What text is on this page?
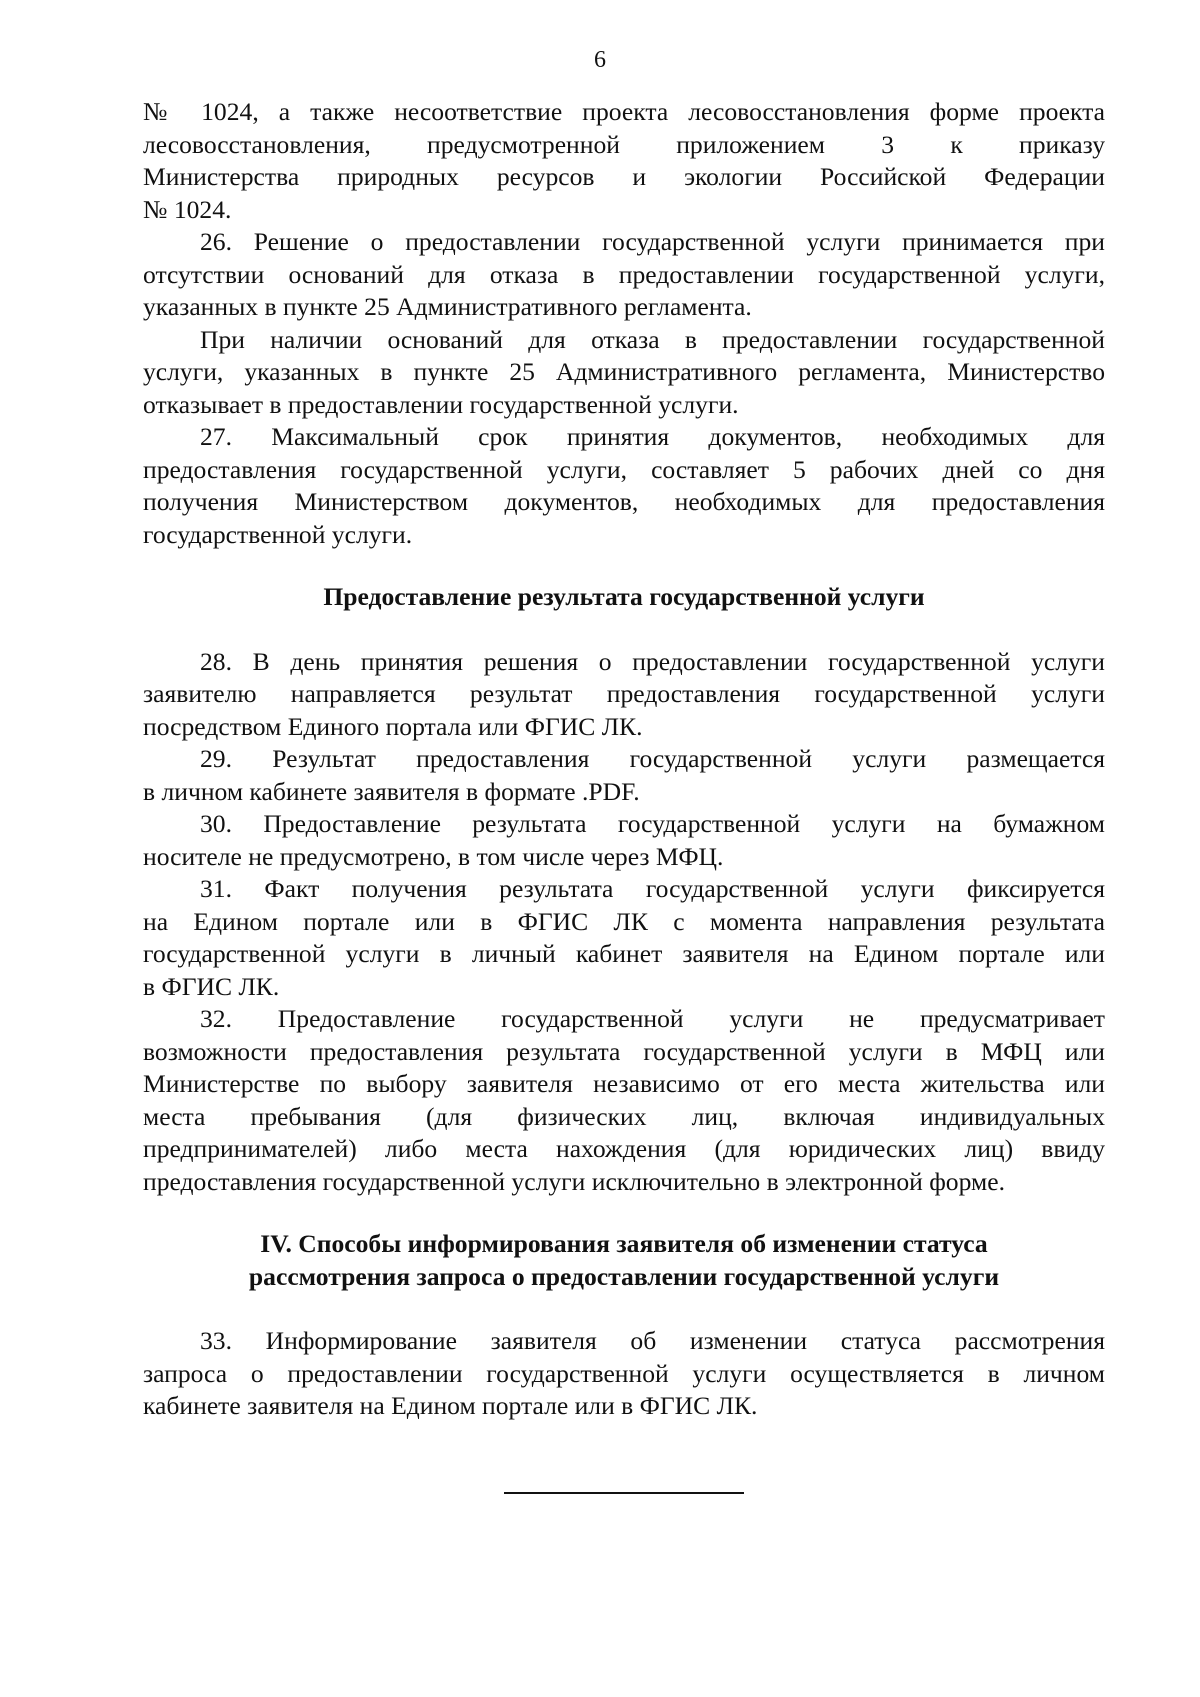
6

№ 1024, а также несоответствие проекта лесовосстановления форме проекта

лесовосстановления, предусмотренной приложением 3 к приказу

Министерства природных ресурсов и экологии Российской Федерации

№ 1024.

26. Решение о предоставлении государственной услуги принимается при

отсутствии оснований для отказа в предоставлении государственной услуги,

указанных в пункте 25 Административного регламента.

При наличии оснований для отказа в предоставлении государственной

услуги, указанных в пункте 25 Административного регламента, Министерство

отказывает в предоставлении государственной услуги.

27. Максимальный срок принятия документов, необходимых для

предоставления государственной услуги, составляет 5 рабочих дней со дня

получения Министерством документов, необходимых для предоставления

государственной услуги.

Предоставление результата государственной услуги

28. В день принятия решения о предоставлении государственной услуги

заявителю направляется результат предоставления государственной услуги

посредством Единого портала или ФГИС ЛК.

29. Результат предоставления государственной услуги размещается

в личном кабинете заявителя в формате .PDF.

30. Предоставление результата государственной услуги на бумажном

носителе не предусмотрено, в том числе через МФЦ.

31. Факт получения результата государственной услуги фиксируется

на Едином портале или в ФГИС ЛК с момента направления результата

государственной услуги в личный кабинет заявителя на Едином портале или

в ФГИС ЛК.

32. Предоставление государственной услуги не предусматривает

возможности предоставления результата государственной услуги в МФЦ или

Министерстве по выбору заявителя независимо от его места жительства или

места пребывания (для физических лиц, включая индивидуальных

предпринимателей) либо места нахождения (для юридических лиц) ввиду

предоставления государственной услуги исключительно в электронной форме.

IV. Способы информирования заявителя об изменении статуса
рассмотрения запроса о предоставлении государственной услуги

33. Информирование заявителя об изменении статуса рассмотрения

запроса о предоставлении государственной услуги осуществляется в личном

кабинете заявителя на Едином портале или в ФГИС ЛК.
